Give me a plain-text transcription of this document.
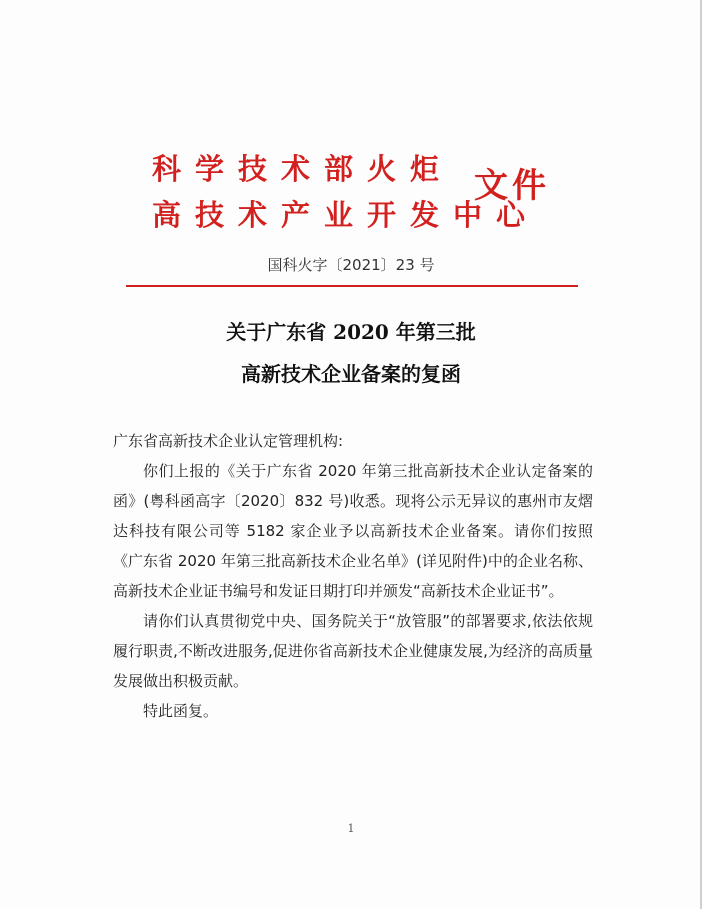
科学技术部火炬
高技术产业开发中心
文件
国科火字〔2021〕23 号
关于广东省 2020 年第三批
高新技术企业备案的复函

广东省高新技术企业认定管理机构:

你们上报的《关于广东省 2020 年第三批高新技术企业认定备案的函》(粤科函高字〔2020〕832 号)收悉。现将公示无异议的惠州市友熠达科技有限公司等 5182 家企业予以高新技术企业备案。请你们按照《广东省 2020 年第三批高新技术企业名单》(详见附件)中的企业名称、高新技术企业证书编号和发证日期打印并颁发“高新技术企业证书”。

请你们认真贯彻党中央、国务院关于“放管服”的部署要求,依法依规履行职责,不断改进服务,促进你省高新技术企业健康发展,为经济的高质量发展做出积极贡献。

特此函复。

1
